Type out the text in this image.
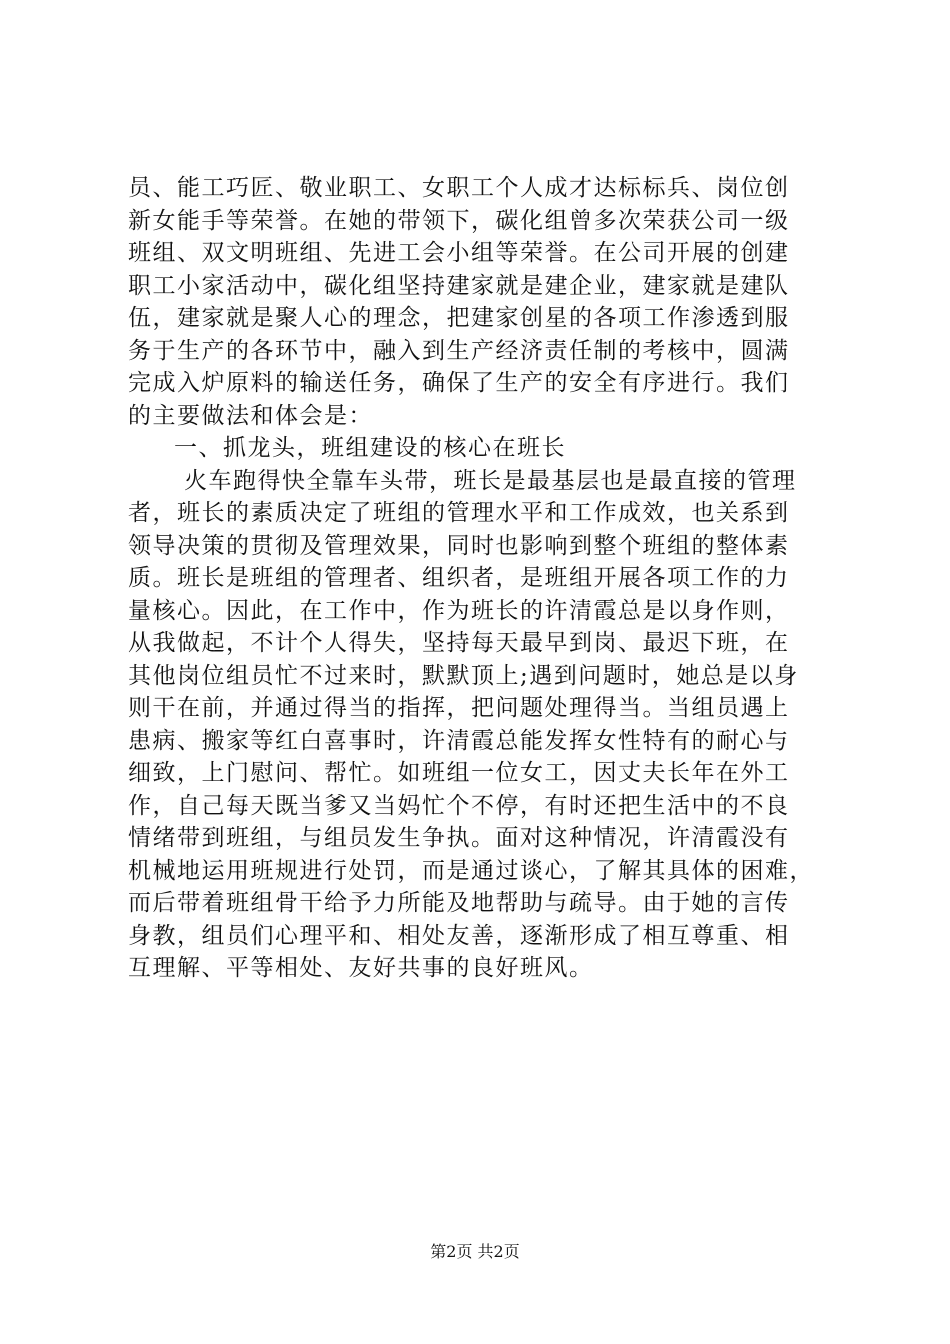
员、能工巧匠、敬业职工、女职工个人成才达标标兵、岗位创
新女能手等荣誉。在她的带领下，碳化组曾多次荣获公司一级
班组、双文明班组、先进工会小组等荣誉。在公司开展的创建
职工小家活动中，碳化组坚持建家就是建企业，建家就是建队
伍，建家就是聚人心的理念，把建家创星的各项工作渗透到服
务于生产的各环节中，融入到生产经济责任制的考核中，圆满
完成入炉原料的输送任务，确保了生产的安全有序进行。我们
的主要做法和体会是：
一、抓龙头，班组建设的核心在班长
火车跑得快全靠车头带，班长是最基层也是最直接的管理
者，班长的素质决定了班组的管理水平和工作成效，也关系到
领导决策的贯彻及管理效果，同时也影响到整个班组的整体素
质。班长是班组的管理者、组织者，是班组开展各项工作的力
量核心。因此，在工作中，作为班长的许清霞总是以身作则，
从我做起，不计个人得失，坚持每天最早到岗、最迟下班，在
其他岗位组员忙不过来时，默默顶上;遇到问题时，她总是以身
则干在前，并通过得当的指挥，把问题处理得当。当组员遇上
患病、搬家等红白喜事时，许清霞总能发挥女性特有的耐心与
细致，上门慰问、帮忙。如班组一位女工，因丈夫长年在外工
作，自己每天既当爹又当妈忙个不停，有时还把生活中的不良
情绪带到班组，与组员发生争执。面对这种情况，许清霞没有
机械地运用班规进行处罚，而是通过谈心，了解其具体的困难，
而后带着班组骨干给予力所能及地帮助与疏导。由于她的言传
身教，组员们心理平和、相处友善，逐渐形成了相互尊重、相
互理解、平等相处、友好共事的良好班风。
第2页 共2页
